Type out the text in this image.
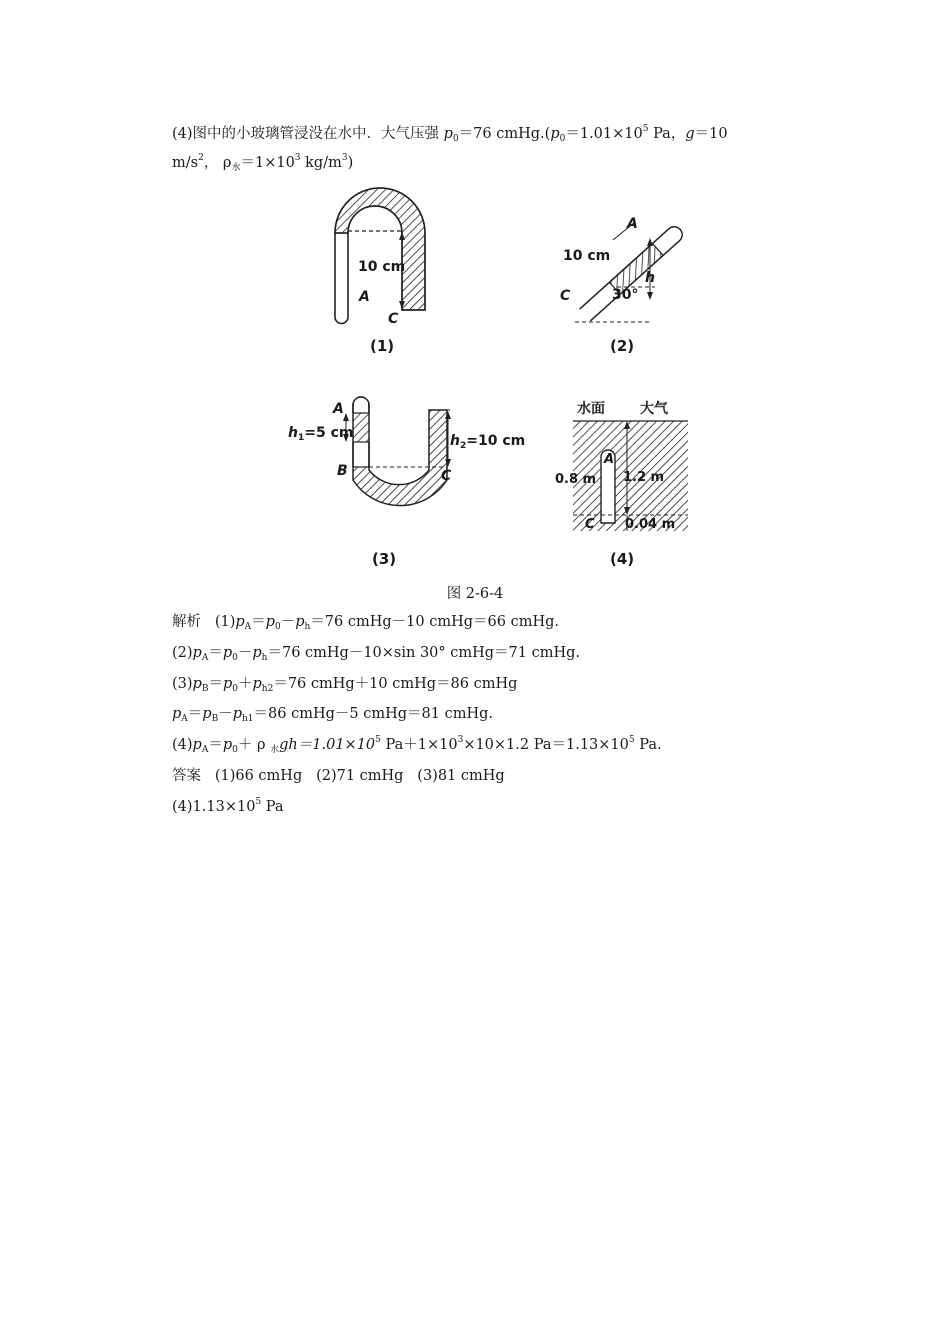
(4)图中的小玻璃管浸没在水中．大气压强 $p_0=76$ $cmHg.(p_0=1.01\times 10^5$ Pa，g＝10
$m/s^2$， $\rho_水=1\times 10^3$ $kg/m^3$)
10 cm
A
C
(1)
10 cm
A
C
h
30°
(2)
A
B	C
$h_1=5$ cm	$h_2=10$ cm
(3)
水面	大气
A
C
0.8 m 1.2 m
0.04 m
(4)
图 2-6-4
解析 $(1)p_A=p_0-p_h=76$ cmHg－10 cmHg＝66 cmHg.
$(2)p_A=p_0-p_h=76$ cmHg－10×sin 30° cmHg＝71 cmHg.
$(3)p_B=p_0+p_{h2}=76$ cmHg＋10 cmHg＝86 cmHg
$p_A=p_B-p_{h1}=86$ cmHg－5 cmHg＝81 cmHg.
$(4)p_A=p_0+ \rho$ $_水gh=1.01\times 10^5$ $Pa+1\times 10^3\times 10\times 1.2$ $Pa=1.13\times 10^5$ Pa.
答案 (1)66 cmHg (2)71 cmHg (3)81 cmHg
$(4)1.13\times 10^5$ Pa
